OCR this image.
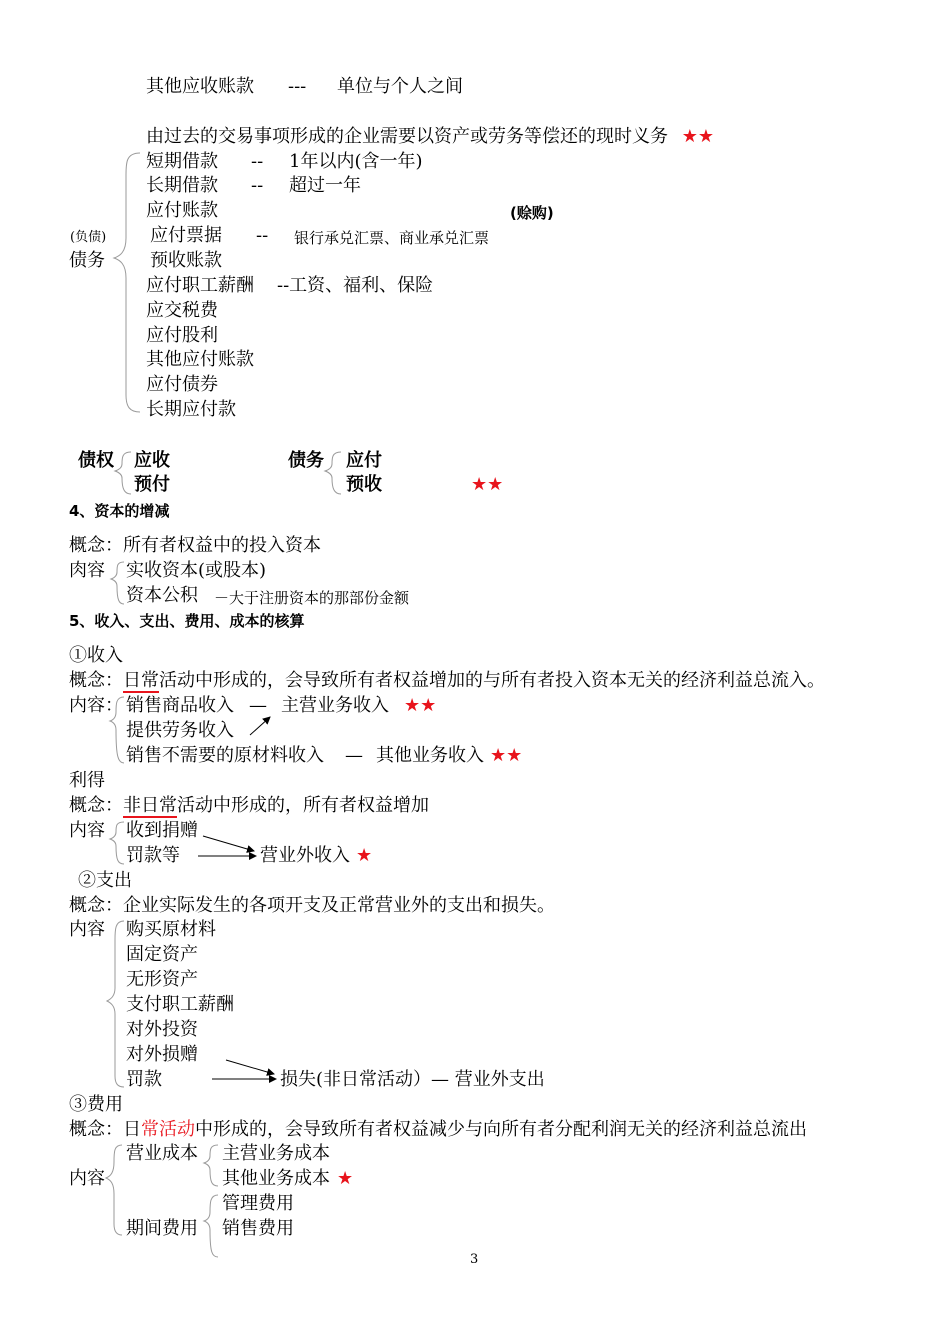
其他应收账款 --- 单位与个人之间
由过去的交易事项形成的企业需要以资产或劳务等偿还的现时义务 ★★
(负债)
债务
短期借款 -- 1年以内(含一年)
长期借款 -- 超过一年
应付账款	(赊购)
应付票据 -- 银行承兑汇票、商业承兑汇票
预收账款
应付职工薪酬 --工资、福利、保险
应交税费
应付股利
其他应付账款
应付债券
长期应付款
债权 应收
预付
债务 应付
预收	★★
4、资本的增减
概念：所有者权益中的投入资本
肉容 实收资本(或股本)
资本公积 －大于注册资本的那部份金额
5、收入、支出、费用、成本的核算
①收入
概念：日常活动中形成的，会导致所有者权益增加的与所有者投入资本无关的经济利益总流入。
内容： 销售商品收入 — 主营业务收入 ★★
提供劳务收入
销售不需要的原材料收入 — 其他业务收入 ★★
利得
概念：非日常活动中形成的，所有者权益增加
内容 收到捐赠
罚款等	营业外收入 ★
②支出
概念：企业实际发生的各项开支及正常营业外的支出和损失。
内容 购买原材料
固定资产
无形资产
支付职工薪酬
对外投资
对外损赠
罚款	损失(非日常活动）— 营业外支出
③费用
概念：日常活动中形成的，会导致所有者权益减少与向所有者分配利润无关的经济利益总流出
内容
营业成本 主营业务成本
其他业务成本 ★
期间费用
管理费用
销售费用
3
